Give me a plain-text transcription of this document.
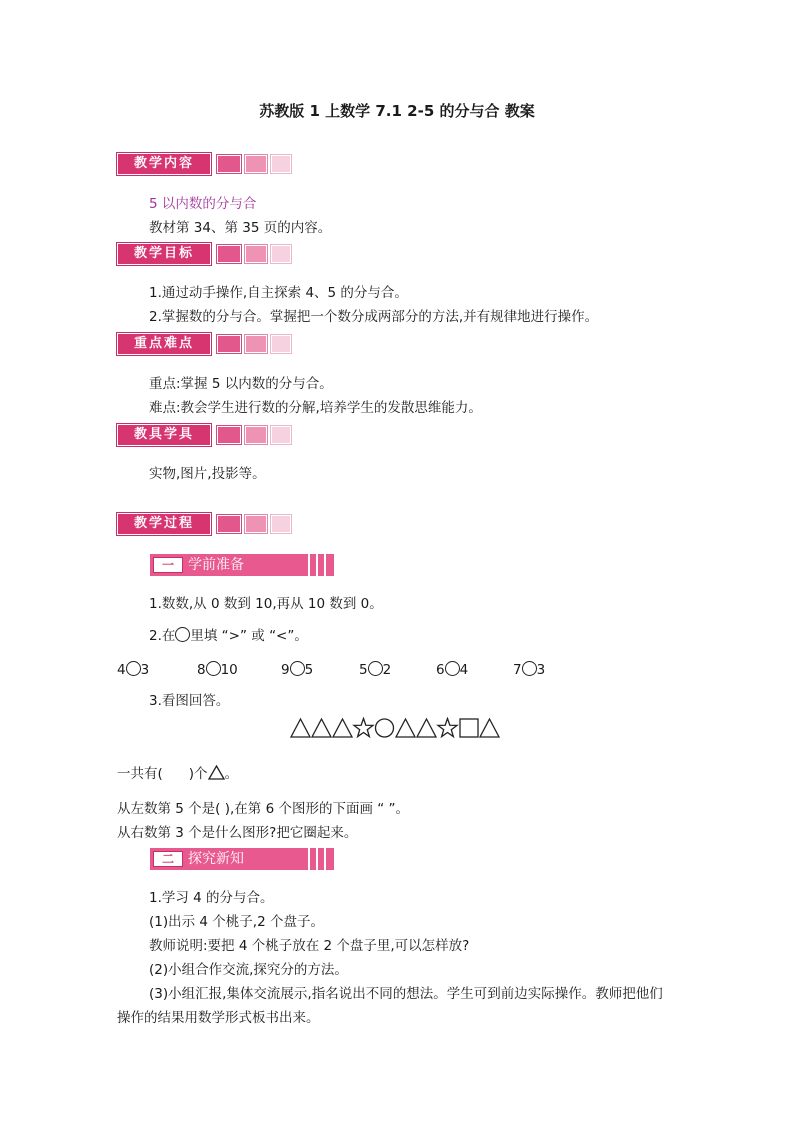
苏教版 1 上数学 7.1 2-5 的分与合 教案
教学内容
5 以内数的分与合
教材第 34、第 35 页的内容。
教学目标
1.通过动手操作,自主探索 4、5 的分与合。
2.掌握数的分与合。掌握把一个数分成两部分的方法,并有规律地进行操作。
重点难点
重点:掌握 5 以内数的分与合。
难点:教会学生进行数的分解,培养学生的发散思维能力。
教具学具
实物,图片,投影等。
教学过程
一	学前准备
1.数数,从 0 数到 10,再从 10 数到 0。
2.在 里填 “>” 或 “<”。
4 3	8 10	9 5	5 2	6 4	7 3
3.看图回答。
一共有( )个 。
从左数第 5 个是( ),在第 6 个图形的下面画 “ ”。
从右数第 3 个是什么图形?把它圈起来。
二	探究新知
1.学习 4 的分与合。
(1)出示 4 个桃子,2 个盘子。
教师说明:要把 4 个桃子放在 2 个盘子里,可以怎样放?
(2)小组合作交流,探究分的方法。
(3)小组汇报,集体交流展示,指名说出不同的想法。学生可到前边实际操作。教师把他们
操作的结果用数学形式板书出来。
